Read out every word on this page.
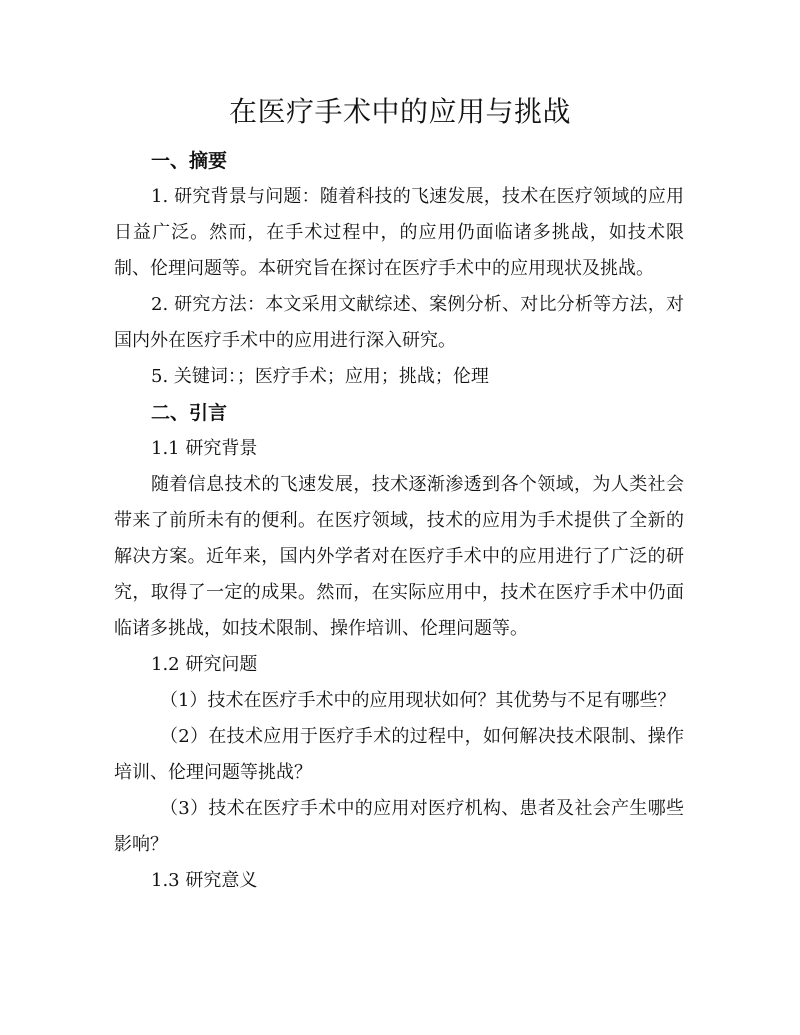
在医疗手术中的应用与挑战
一、摘要

1. 研究背景与问题：随着科技的飞速发展，技术在医疗领域的应用日益广泛。然而，在手术过程中，的应用仍面临诸多挑战，如技术限制、伦理问题等。本研究旨在探讨在医疗手术中的应用现状及挑战。

2. 研究方法：本文采用文献综述、案例分析、对比分析等方法，对国内外在医疗手术中的应用进行深入研究。

5. 关键词：；医疗手术；应用；挑战；伦理

二、引言

1.1 研究背景

随着信息技术的飞速发展，技术逐渐渗透到各个领域，为人类社会带来了前所未有的便利。在医疗领域，技术的应用为手术提供了全新的解决方案。近年来，国内外学者对在医疗手术中的应用进行了广泛的研究，取得了一定的成果。然而，在实际应用中，技术在医疗手术中仍面临诸多挑战，如技术限制、操作培训、伦理问题等。

1.2 研究问题

（1）技术在医疗手术中的应用现状如何？其优势与不足有哪些？

（2）在技术应用于医疗手术的过程中，如何解决技术限制、操作培训、伦理问题等挑战？

（3）技术在医疗手术中的应用对医疗机构、患者及社会产生哪些影响？

1.3 研究意义
